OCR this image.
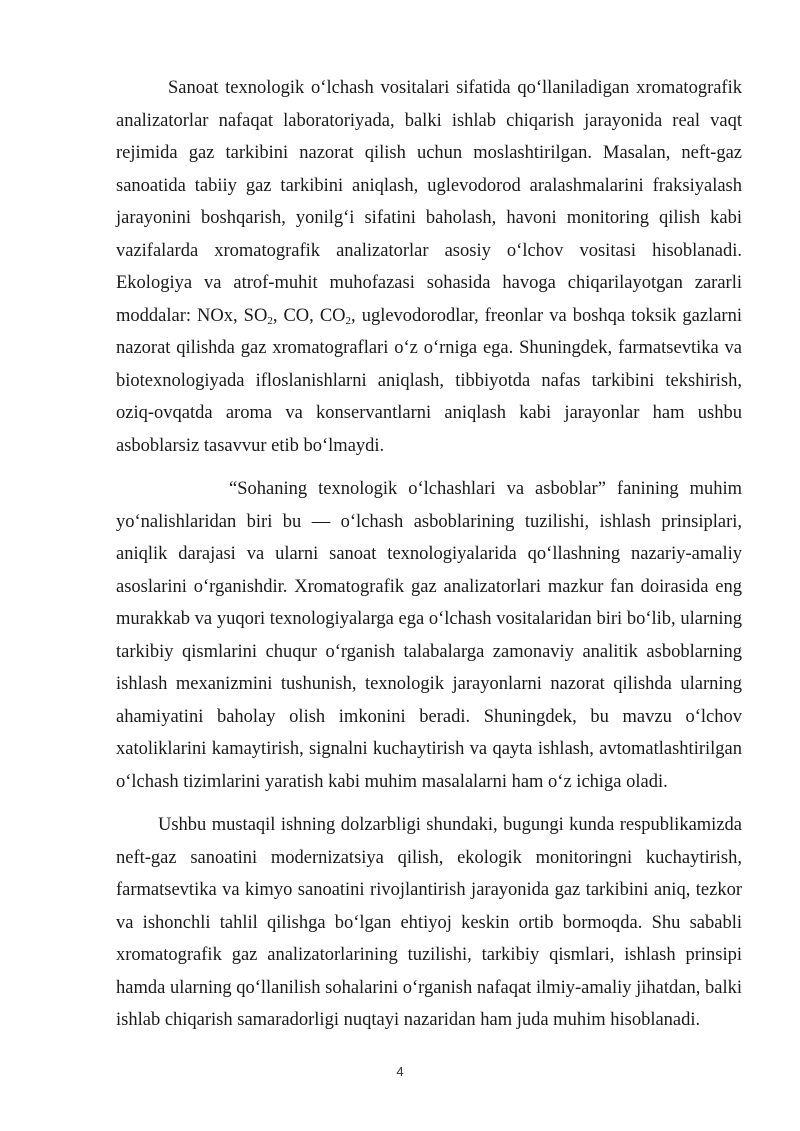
Sanoat texnologik o‘lchash vositalari sifatida qo‘llaniladigan xromatografik analizatorlar nafaqat laboratoriyada, balki ishlab chiqarish jarayonida real vaqt rejimida gaz tarkibini nazorat qilish uchun moslashtirilgan. Masalan, neft-gaz sanoatida tabiiy gaz tarkibini aniqlash, uglevodorod aralashmalarini fraksiyalash jarayonini boshqarish, yonilg‘i sifatini baholash, havoni monitoring qilish kabi vazifalarda xromatografik analizatorlar asosiy o‘lchov vositasi hisoblanadi. Ekologiya va atrof-muhit muhofazasi sohasida havoga chiqarilayotgan zararli moddalar: NOx, $SO_2$, CO, $CO_2$, uglevodorodlar, freonlar va boshqa toksik gazlarni nazorat qilishda gaz xromatograflari o‘z o‘rniga ega. Shuningdek, farmatsevtika va biotexnologiyada ifloslanishlarni aniqlash, tibbiyotda nafas tarkibini tekshirish, oziq-ovqatda aroma va konservantlarni aniqlash kabi jarayonlar ham ushbu asboblarsiz tasavvur etib bo‘lmaydi.

“Sohaning texnologik o‘lchashlari va asboblar” fanining muhim yo‘nalishlaridan biri bu — o‘lchash asboblarining tuzilishi, ishlash prinsiplari, aniqlik darajasi va ularni sanoat texnologiyalarida qo‘llashning nazariy-amaliy asoslarini o‘rganishdir. Xromatografik gaz analizatorlari mazkur fan doirasida eng murakkab va yuqori texnologiyalarga ega o‘lchash vositalaridan biri bo‘lib, ularning tarkibiy qismlarini chuqur o‘rganish talabalarga zamonaviy analitik asboblarning ishlash mexanizmini tushunish, texnologik jarayonlarni nazorat qilishda ularning ahamiyatini baholay olish imkonini beradi. Shuningdek, bu mavzu o‘lchov xatoliklarini kamaytirish, signalni kuchaytirish va qayta ishlash, avtomatlashtirilgan o‘lchash tizimlarini yaratish kabi muhim masalalarni ham o‘z ichiga oladi.

Ushbu mustaqil ishning dolzarbligi shundaki, bugungi kunda respublikamizda neft-gaz sanoatini modernizatsiya qilish, ekologik monitoringni kuchaytirish, farmatsevtika va kimyo sanoatini rivojlantirish jarayonida gaz tarkibini aniq, tezkor va ishonchli tahlil qilishga bo‘lgan ehtiyoj keskin ortib bormoqda. Shu sababli xromatografik gaz analizatorlarining tuzilishi, tarkibiy qismlari, ishlash prinsipi hamda ularning qo‘llanilish sohalarini o‘rganish nafaqat ilmiy-amaliy jihatdan, balki ishlab chiqarish samaradorligi nuqtayi nazaridan ham juda muhim hisoblanadi.

4
